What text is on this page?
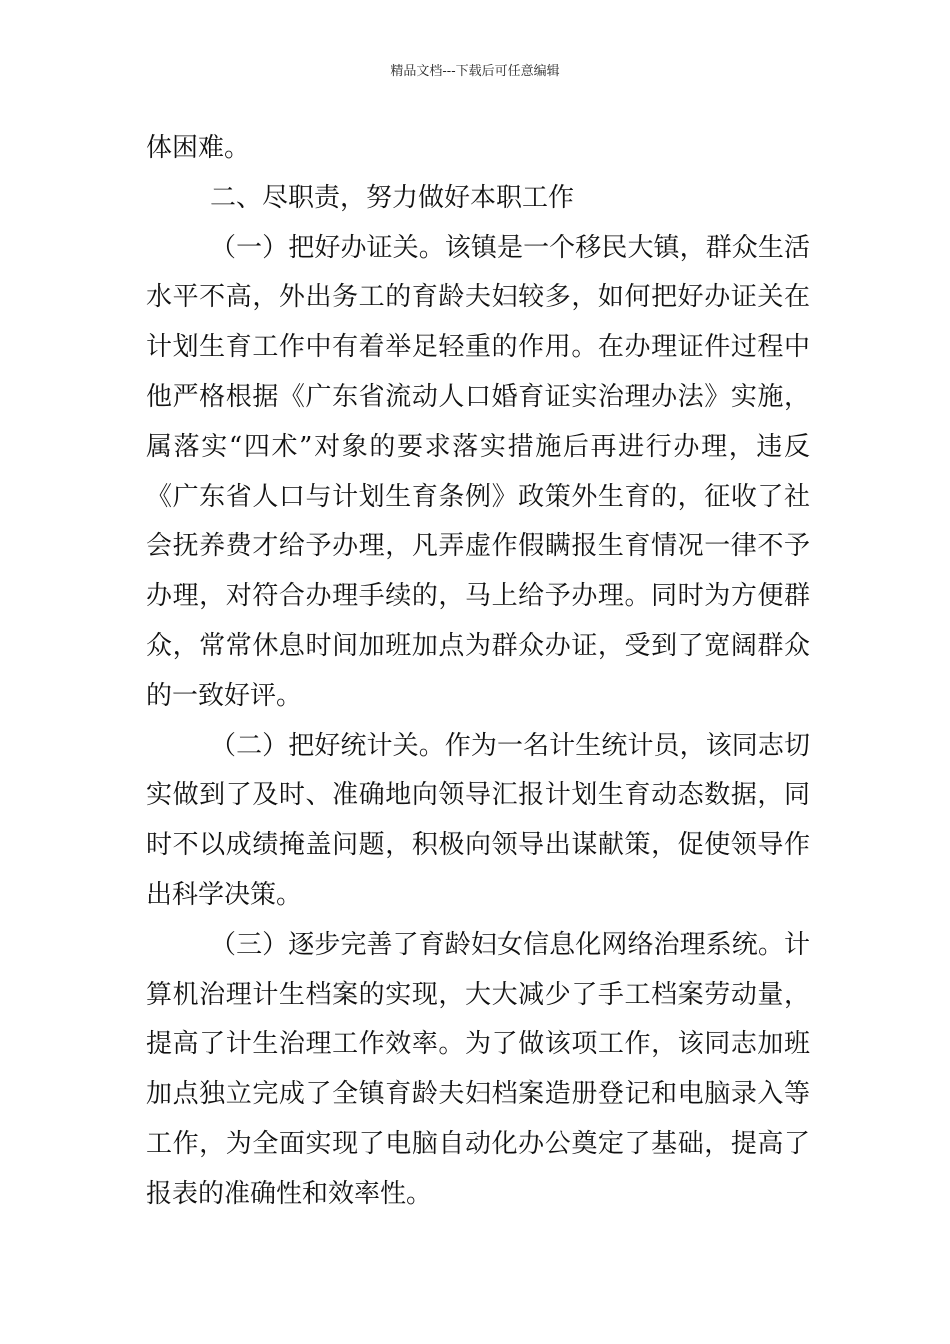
精品文档---下载后可任意编辑

体困难。

二、尽职责，努力做好本职工作

（一）把好办证关。该镇是一个移民大镇，群众生活水平不高，外出务工的育龄夫妇较多，如何把好办证关在计划生育工作中有着举足轻重的作用。在办理证件过程中他严格根据《广东省流动人口婚育证实治理办法》实施，属落实“四术”对象的要求落实措施后再进行办理，违反《广东省人口与计划生育条例》政策外生育的，征收了社会抚养费才给予办理，凡弄虚作假瞒报生育情况一律不予办理，对符合办理手续的，马上给予办理。同时为方便群众，常常休息时间加班加点为群众办证，受到了宽阔群众的一致好评。

（二）把好统计关。作为一名计生统计员，该同志切实做到了及时、准确地向领导汇报计划生育动态数据，同时不以成绩掩盖问题，积极向领导出谋献策，促使领导作出科学决策。

（三）逐步完善了育龄妇女信息化网络治理系统。计算机治理计生档案的实现，大大减少了手工档案劳动量，提高了计生治理工作效率。为了做该项工作，该同志加班加点独立完成了全镇育龄夫妇档案造册登记和电脑录入等工作，为全面实现了电脑自动化办公奠定了基础，提高了报表的准确性和效率性。
